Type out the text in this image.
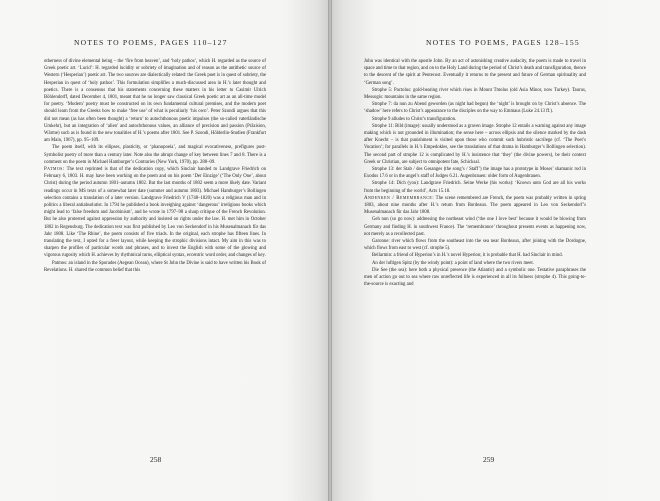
NOTES TO POEMS, PAGES 110–127

otherness of divine elemental being – the ‘fire from heaven’, and ‘holy pathos’, which H. regarded as the source of Greek poetic art. ‘Lucid’: H. regarded lucidity or sobriety of imagination and of reason as the antithetic source of Western (‘Hesperian’) poetic art. The two sources are dialectically related: the Greek poet is in quest of sobriety, the Hesperian in quest of ‘holy pathos’. This formulation simplifies a much-discussed area in H.’s later thought and poetics. There is a consensus that his statements concerning these matters in his letter to Casimir Ulrich Böhlendorff, dated December 4, 1801, meant that he no longer saw classical Greek poetic art as an all-time model for poetry. ‘Modern’ poetry must be constructed on its own fundamental cultural premises, and the modern poet should learn from the Greeks how to make ‘free use’ of what is peculiarly ‘his own’. Peter Szondi argues that this did not mean (as has often been thought) a ‘return’ to autochthonous poetic impulses (the so-called vaterländische Umkehr), but an integration of ‘alien’ and autochthonous values, an alliance of precision and passion (Präzision, Wärme) such as is found in the new tonalities of H.’s poems after 1801. See P. Szondi, Hölderlin-Studien (Frankfurt am Main, 1967), pp. 95–109.

The poem itself, with its ellipses, plasticity, or ‘phanopoeia’, and magical evocativeness, prefigures post-Symbolist poetry of more than a century later. Note also the abrupt change of key between lines 7 and 8. There is a comment on the poem in Michael Hamburger’s Contraries (New York, 1970), pp. 288–09.

Patmos: The text reprinted is that of the dedication copy, which Sinclair handed to Landgrave Friedrich on February 6, 1803. H. may have been working on the poem and on his poem ‘Der Einzige’ (‘The Only One’, about Christ) during the period autumn 1801–autumn 1802. But the last months of 1802 seem a more likely date. Variant readings occur in MS texts of a somewhat later date (summer and autumn 1803). Michael Hamburger’s Bollingen selection contains a translation of a later version. Landgrave Friedrich V (1748–1820) was a religious man and in politics a liberal antiabsolutist. In 1794 he published a book inveighing against ‘dangerous’ irreligious books which might lead to ‘false freedom and Jacobinism’, and he wrote in 1797–98 a sharp critique of the French Revolution. But he also protested against oppression by authority and insisted on rights under the law. H. met him in October 1802 in Regensburg. The dedication text was first published by Leo von Seckendorf in his Musenalmanach für das Jahr 1808. Like ‘The Rhine’, the poem consists of five triads. In the original, each strophe has fifteen lines. In translating the text, I opted for a freer layout, while keeping the strophic divisions intact. My aim in this was to sharpen the profiles of particular words and phrases, and to invest the English with some of the glowing and vigorous rugosity which H. achieves by rhythmical turns, elliptical syntax, eccentric word order, and changes of key.

Patmos: an island in the Sporades (Aegean Ocean), where St John the Divine is said to have written his Book of Revelations. H. shared the common belief that this

258
NOTES TO POEMS, PAGES 128–155

John was identical with the apostle John. By an act of astonishing creative audacity, the poem is made to travel in space and time to that region, and on to the Holy Land during the period of Christ’s death and transfiguration, thence to the descent of the spirit at Pentecost. Eventually it returns to the present and future of German spirituality and ‘German song’.

Strophe 5: Pactolus: gold-bearing river which rises in Mount Tmolus (old Asia Minor, now Turkey). Taurus, Messogis: mountains in the same region.

Strophe 7: da nun zu Abend geworden (as night had begun) the ‘night’ is brought on by Christ’s absence. The ‘shadow’ here refers to Christ’s appearance to the disciples on the way to Emmaus (Luke 24.13 ff.).

Strophe 9 alludes to Christ’s transfiguration.

Strophe 11: Bild (image): usually understood as a graven image. Strophe 12 entails a warning against any image making which is not grounded in illumination; the sense here – across ellipsis and the silence marked by the dash after Knecht – is that punishment is visited upon those who commit such hubristic sacrilege (cf. ‘The Poet’s Vocation’; for parallels in H.’s Empedokles, see the translations of that drama in Hamburger’s Bollingen selection). The second part of strophe 12 is complicated by H.’s insistence that ‘they’ (the divine powers), be their context Greek or Christian, are subject to omnipotent fate, Schicksal.

Strophe 13: der Stab / des Gesanges (the song’s / Staff’) the image has a prototype in Moses’ shamanic rod in Exodus 17.6 or in the angel’s staff of Judges 6.21. Augenbrauen: older form of Augenbrauen.

Strophe 14: Dich (you): Landgrave Friedrich. Seine Werke (his works): ‘Known unto God are all his works from the beginning of the world’, Acts 15.18.

Andenken / Remembrance: The scene remembered are French, the poem was probably written in spring 1803, about nine months after H.’s return from Bordeaux. The poem appeared in Leo von Seckendorf’s Musenalmanach für das Jahr 1808.

Geh nun (so go now): addressing the northeast wind (‘the one I love best’ because it would be blowing from Germany and finding H. in southwest France). The ‘remembrance’ throughout presents events as happening now, not merely as a recollected past.

Garonne: river which flows from the southeast into the sea near Bordeaux, after joining with the Dordogne, which flows from east to west (cf. strophe 5).

Bellarmin: a friend of Hyperion’s in H.’s novel Hyperion; it is probable that H. had Sinclair in mind.

An der luftigen Spitz (by the windy point): a point of land where the two rivers meet.

Die See (the sea): here both a physical presence (the Atlantic) and a symbolic one. Testative paraphrases the men of action go out to sea where raw unreflected life is experienced in all its fullness (strophe 4). This going-to-the-source is exacting and

259
